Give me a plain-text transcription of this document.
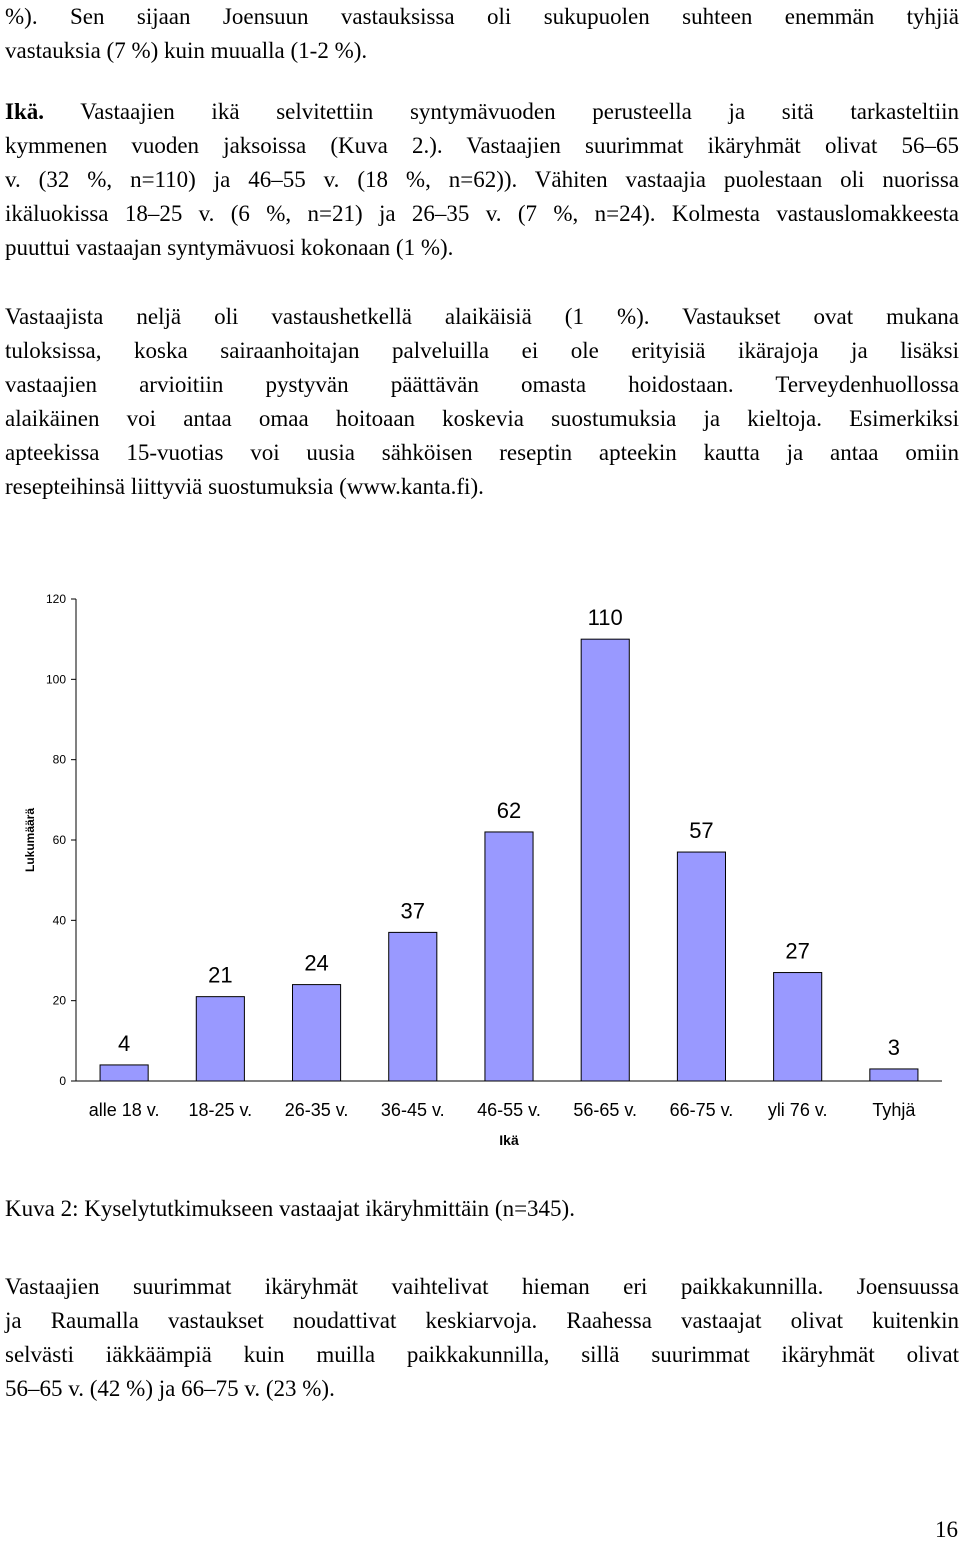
%). Sen sijaan Joensuun vastauksissa oli sukupuolen suhteen enemmän tyhjiä
vastauksia (7 %) kuin muualla (1-2 %).
Ikä. Vastaajien ikä selvitettiin syntymävuoden perusteella ja sitä tarkasteltiin
kymmenen vuoden jaksoissa (Kuva 2.). Vastaajien suurimmat ikäryhmät olivat 56–65
v. (32 %, n=110) ja 46–55 v. (18 %, n=62)). Vähiten vastaajia puolestaan oli nuorissa
ikäluokissa 18–25 v. (6 %, n=21) ja 26–35 v. (7 %, n=24). Kolmesta vastauslomakkeesta
puuttui vastaajan syntymävuosi kokonaan (1 %).
Vastaajista neljä oli vastaushetkellä alaikäisiä (1 %). Vastaukset ovat mukana
tuloksissa, koska sairaanhoitajan palveluilla ei ole erityisiä ikärajoja ja lisäksi
vastaajien arvioitiin pystyvän päättävän omasta hoidostaan. Terveydenhuollossa
alaikäinen voi antaa omaa hoitoaan koskevia suostumuksia ja kieltoja. Esimerkiksi
apteekissa 15-vuotias voi uusia sähköisen reseptin apteekin kautta ja antaa omiin
resepteihinsä liittyviä suostumuksia (www.kanta.fi).
0
20
40
60
80
100
120
Lukumäärä
4
alle 18 v.
21
18-25 v.
24
26-35 v.
37
36-45 v.
62
46-55 v.
110
56-65 v.
57
66-75 v.
27
yli 76 v.
3
Tyhjä
Ikä
Kuva 2: Kyselytutkimukseen vastaajat ikäryhmittäin (n=345).
Vastaajien suurimmat ikäryhmät vaihtelivat hieman eri paikkakunnilla. Joensuussa
ja Raumalla vastaukset noudattivat keskiarvoja. Raahessa vastaajat olivat kuitenkin
selvästi iäkkäämpiä kuin muilla paikkakunnilla, sillä suurimmat ikäryhmät olivat
56–65 v. (42 %) ja 66–75 v. (23 %).
16
